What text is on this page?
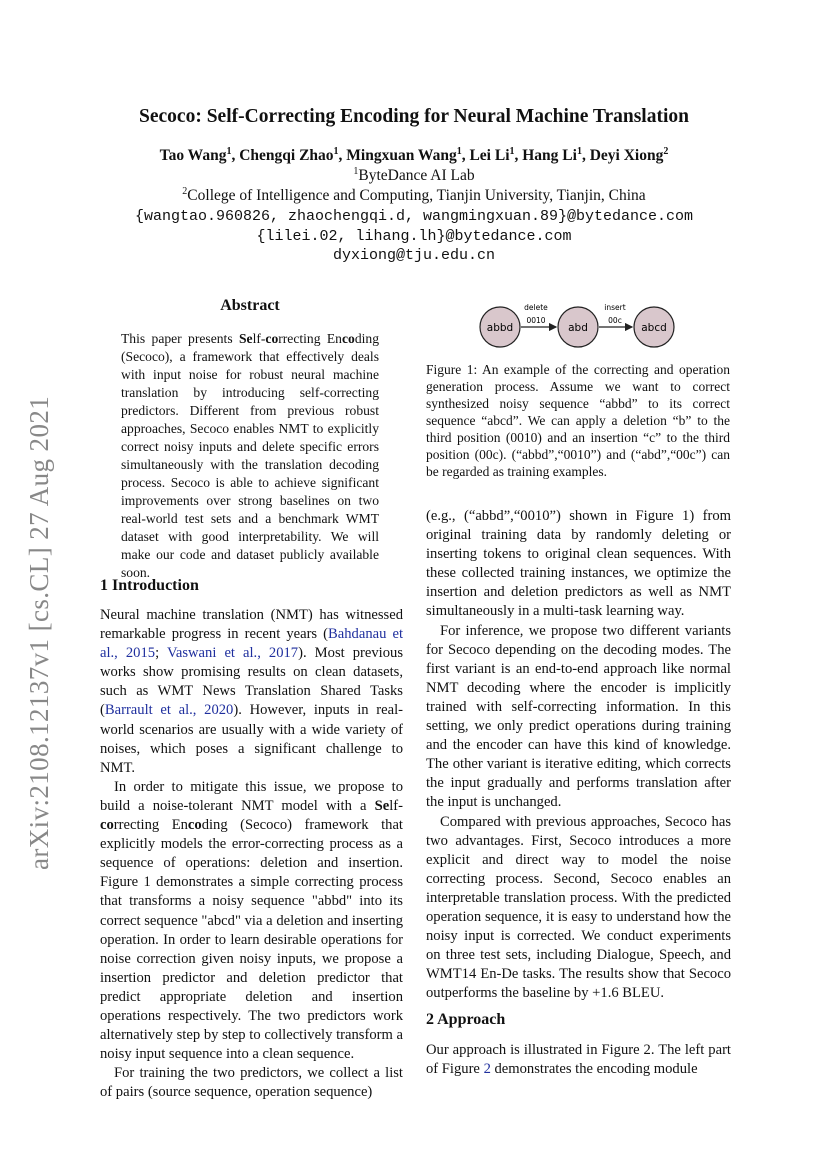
arXiv:2108.12137v1 [cs.CL] 27 Aug 2021
Secoco: Self-Correcting Encoding for Neural Machine Translation
Tao Wang$^1$, Chengqi Zhao$^1$, Mingxuan Wang$^1$, Lei Li$^1$, Hang Li$^1$, Deyi Xiong$^2$
$^1$ByteDance AI Lab
$^2$College of Intelligence and Computing, Tianjin University, Tianjin, China
{wangtao.960826, zhaochengqi.d, wangmingxuan.89}@bytedance.com
{lilei.02, lihang.lh}@bytedance.com
dyxiong@tju.edu.cn
Abstract
This paper presents Self-correcting Encoding (Secoco), a framework that effectively deals with input noise for robust neural machine translation by introducing self-correcting predictors. Different from previous robust approaches, Secoco enables NMT to explicitly correct noisy inputs and delete specific errors simultaneously with the translation decoding process. Secoco is able to achieve significant improvements over strong baselines on two real-world test sets and a benchmark WMT dataset with good interpretability. We will make our code and dataset publicly available soon.
1 Introduction

Neural machine translation (NMT) has witnessed remarkable progress in recent years (Bahdanau et al., 2015; Vaswani et al., 2017). Most previous works show promising results on clean datasets, such as WMT News Translation Shared Tasks (Barrault et al., 2020). However, inputs in real-world scenarios are usually with a wide variety of noises, which poses a significant challenge to NMT.

In order to mitigate this issue, we propose to build a noise-tolerant NMT model with a Self-correcting Encoding (Secoco) framework that explicitly models the error-correcting process as a sequence of operations: deletion and insertion. Figure 1 demonstrates a simple correcting process that transforms a noisy sequence "abbd" into its correct sequence "abcd" via a deletion and inserting operation. In order to learn desirable operations for noise correction given noisy inputs, we propose a insertion predictor and deletion predictor that predict appropriate deletion and insertion operations respectively. The two predictors work alternatively step by step to collectively transform a noisy input sequence into a clean sequence.

For training the two predictors, we collect a list of pairs (source sequence, operation sequence)

abbd	abd	abcd
delete
0010
insert
00c
Figure 1: An example of the correcting and operation generation process. Assume we want to correct synthesized noisy sequence “abbd” to its correct sequence “abcd”. We can apply a deletion “b” to the third position (0010) and an insertion “c” to the third position (00c). (“abbd”,“0010”) and (“abd”,“00c”) can be regarded as training examples.

(e.g., (“abbd”,“0010”) shown in Figure 1) from original training data by randomly deleting or inserting tokens to original clean sequences. With these collected training instances, we optimize the insertion and deletion predictors as well as NMT simultaneously in a multi-task learning way.

For inference, we propose two different variants for Secoco depending on the decoding modes. The first variant is an end-to-end approach like normal NMT decoding where the encoder is implicitly trained with self-correcting information. In this setting, we only predict operations during training and the encoder can have this kind of knowledge. The other variant is iterative editing, which corrects the input gradually and performs translation after the input is unchanged.

Compared with previous approaches, Secoco has two advantages. First, Secoco introduces a more explicit and direct way to model the noise correcting process. Second, Secoco enables an interpretable translation process. With the predicted operation sequence, it is easy to understand how the noisy input is corrected. We conduct experiments on three test sets, including Dialogue, Speech, and WMT14 En-De tasks. The results show that Secoco outperforms the baseline by +1.6 BLEU.

2 Approach

Our approach is illustrated in Figure 2. The left part of Figure 2 demonstrates the encoding module
